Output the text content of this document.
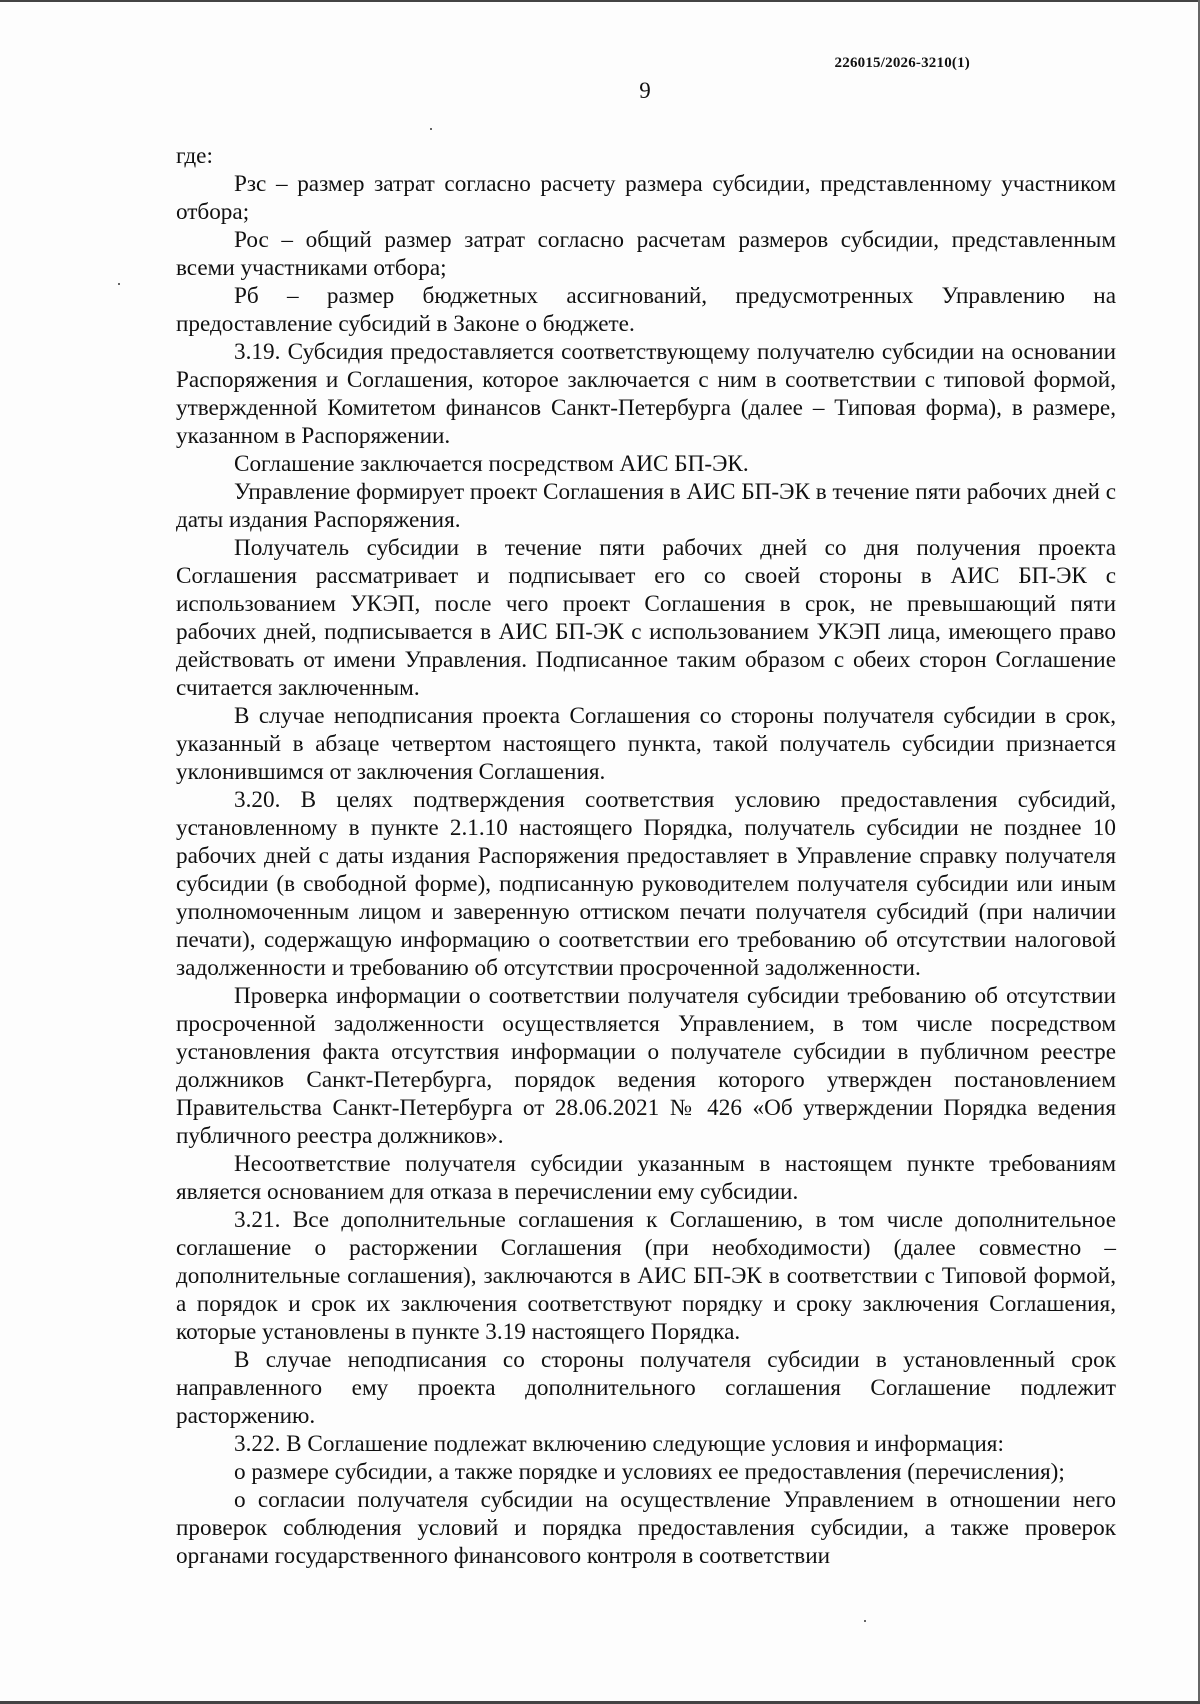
226015/2026-3210(1)
9

где:

Рзс – размер затрат согласно расчету размера субсидии, представленному участником отбора;

Рос – общий размер затрат согласно расчетам размеров субсидии, представленным всеми участниками отбора;

Рб – размер бюджетных ассигнований, предусмотренных Управлению на предоставление субсидий в Законе о бюджете.

3.19. Субсидия предоставляется соответствующему получателю субсидии на основании Распоряжения и Соглашения, которое заключается с ним в соответствии с типовой формой, утвержденной Комитетом финансов Санкт-Петербурга (далее – Типовая форма), в размере, указанном в Распоряжении.

Соглашение заключается посредством АИС БП-ЭК.

Управление формирует проект Соглашения в АИС БП-ЭК в течение пяти рабочих дней с даты издания Распоряжения.

Получатель субсидии в течение пяти рабочих дней со дня получения проекта Соглашения рассматривает и подписывает его со своей стороны в АИС БП-ЭК с использованием УКЭП, после чего проект Соглашения в срок, не превышающий пяти рабочих дней, подписывается в АИС БП-ЭК с использованием УКЭП лица, имеющего право действовать от имени Управления. Подписанное таким образом с обеих сторон Соглашение считается заключенным.

В случае неподписания проекта Соглашения со стороны получателя субсидии в срок, указанный в абзаце четвертом настоящего пункта, такой получатель субсидии признается уклонившимся от заключения Соглашения.

3.20. В целях подтверждения соответствия условию предоставления субсидий, установленному в пункте 2.1.10 настоящего Порядка, получатель субсидии не позднее 10 рабочих дней с даты издания Распоряжения предоставляет в Управление справку получателя субсидии (в свободной форме), подписанную руководителем получателя субсидии или иным уполномоченным лицом и заверенную оттиском печати получателя субсидий (при наличии печати), содержащую информацию о соответствии его требованию об отсутствии налоговой задолженности и требованию об отсутствии просроченной задолженности.

Проверка информации о соответствии получателя субсидии требованию об отсутствии просроченной задолженности осуществляется Управлением, в том числе посредством установления факта отсутствия информации о получателе субсидии в публичном реестре должников Санкт-Петербурга, порядок ведения которого утвержден постановлением Правительства Санкт-Петербурга от 28.06.2021 № 426 «Об утверждении Порядка ведения публичного реестра должников».

Несоответствие получателя субсидии указанным в настоящем пункте требованиям является основанием для отказа в перечислении ему субсидии.

3.21. Все дополнительные соглашения к Соглашению, в том числе дополнительное соглашение о расторжении Соглашения (при необходимости) (далее совместно – дополнительные соглашения), заключаются в АИС БП-ЭК в соответствии с Типовой формой, а порядок и срок их заключения соответствуют порядку и сроку заключения Соглашения, которые установлены в пункте 3.19 настоящего Порядка.

В случае неподписания со стороны получателя субсидии в установленный срок направленного ему проекта дополнительного соглашения Соглашение подлежит расторжению.

3.22. В Соглашение подлежат включению следующие условия и информация:

о размере субсидии, а также порядке и условиях ее предоставления (перечисления);

о согласии получателя субсидии на осуществление Управлением в отношении него проверок соблюдения условий и порядка предоставления субсидии, а также проверок органами государственного финансового контроля в соответствии
